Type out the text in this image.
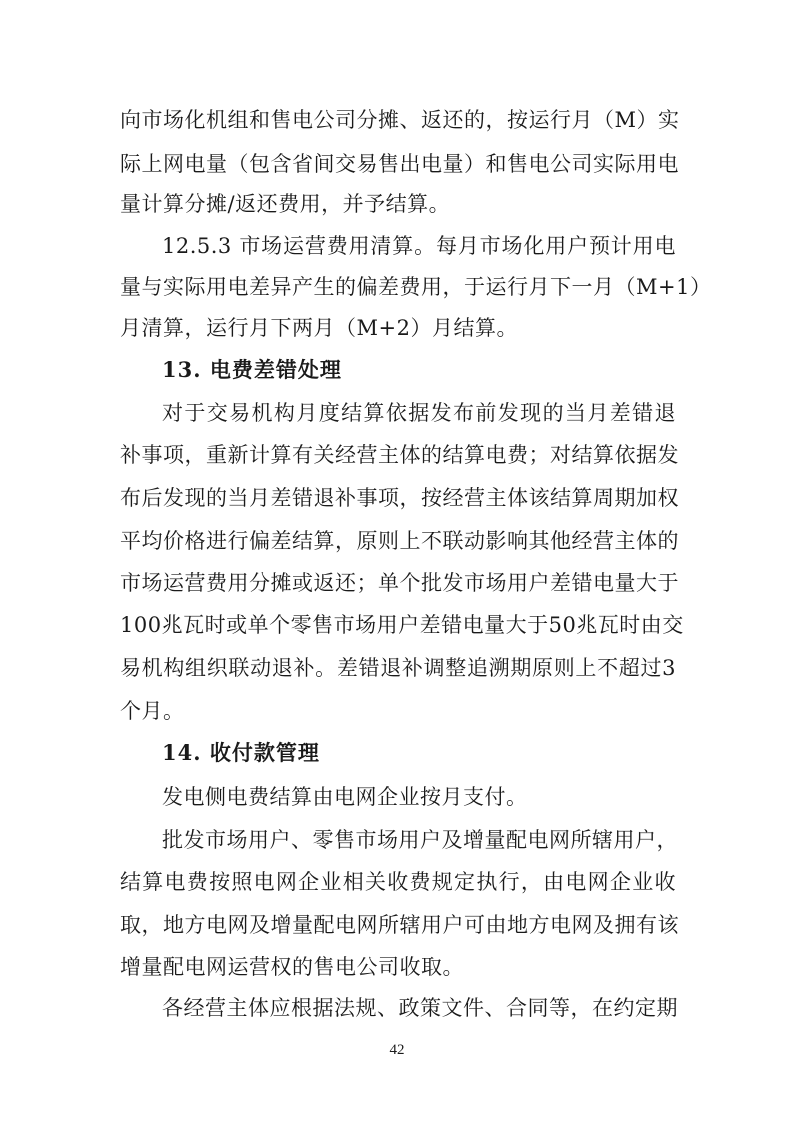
向市场化机组和售电公司分摊、返还的，按运行月（M）实
际上网电量（包含省间交易售出电量）和售电公司实际用电
量计算分摊/返还费用，并予结算。
12.5.3 市场运营费用清算。每月市场化用户预计用电
量与实际用电差异产生的偏差费用，于运行月下一月（M+1）
月清算，运行月下两月（M+2）月结算。
13. 电费差错处理
对于交易机构月度结算依据发布前发现的当月差错退
补事项，重新计算有关经营主体的结算电费；对结算依据发
布后发现的当月差错退补事项，按经营主体该结算周期加权
平均价格进行偏差结算，原则上不联动影响其他经营主体的
市场运营费用分摊或返还；单个批发市场用户差错电量大于
100兆瓦时或单个零售市场用户差错电量大于50兆瓦时由交
易机构组织联动退补。差错退补调整追溯期原则上不超过3
个月。
14. 收付款管理
发电侧电费结算由电网企业按月支付。
批发市场用户、零售市场用户及增量配电网所辖用户，
结算电费按照电网企业相关收费规定执行，由电网企业收
取，地方电网及增量配电网所辖用户可由地方电网及拥有该
增量配电网运营权的售电公司收取。
各经营主体应根据法规、政策文件、合同等，在约定期
42
